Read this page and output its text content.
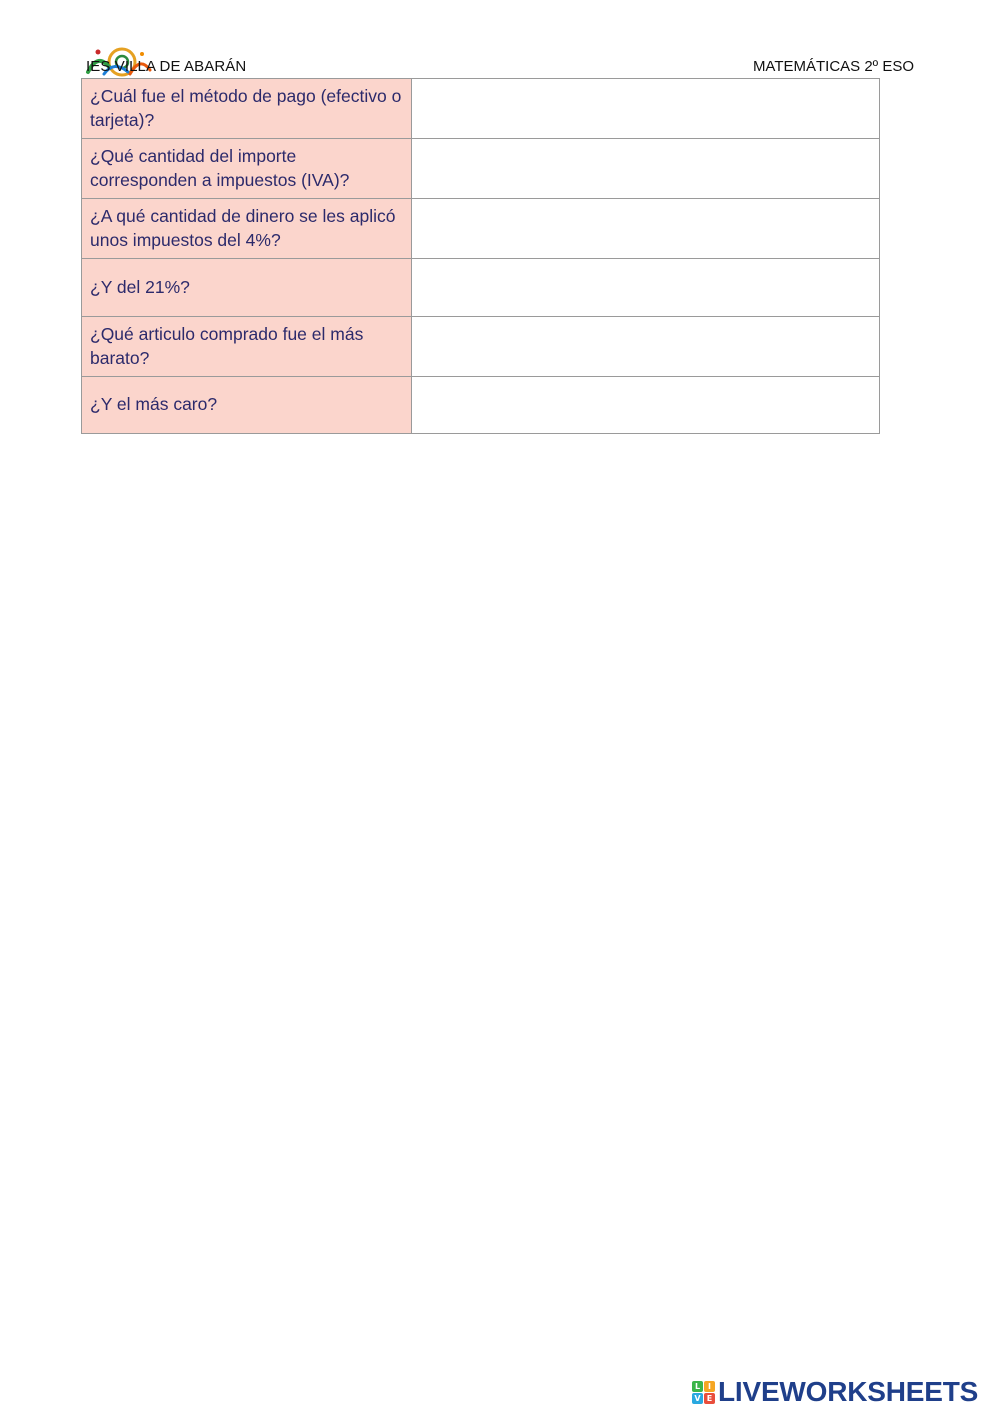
IES VILLA DE ABARÁN	MATEMÁTICAS 2º ESO
¿Cuál fue el método de pago (efectivo o tarjeta)?	
¿Qué cantidad del importe corresponden a impuestos (IVA)?	
¿A qué cantidad de dinero se les aplicó unos impuestos del 4%?	
¿Y del 21%?	
¿Qué articulo comprado fue el más barato?	
¿Y el más caro?	
L I
V E LIVEWORKSHEETS
